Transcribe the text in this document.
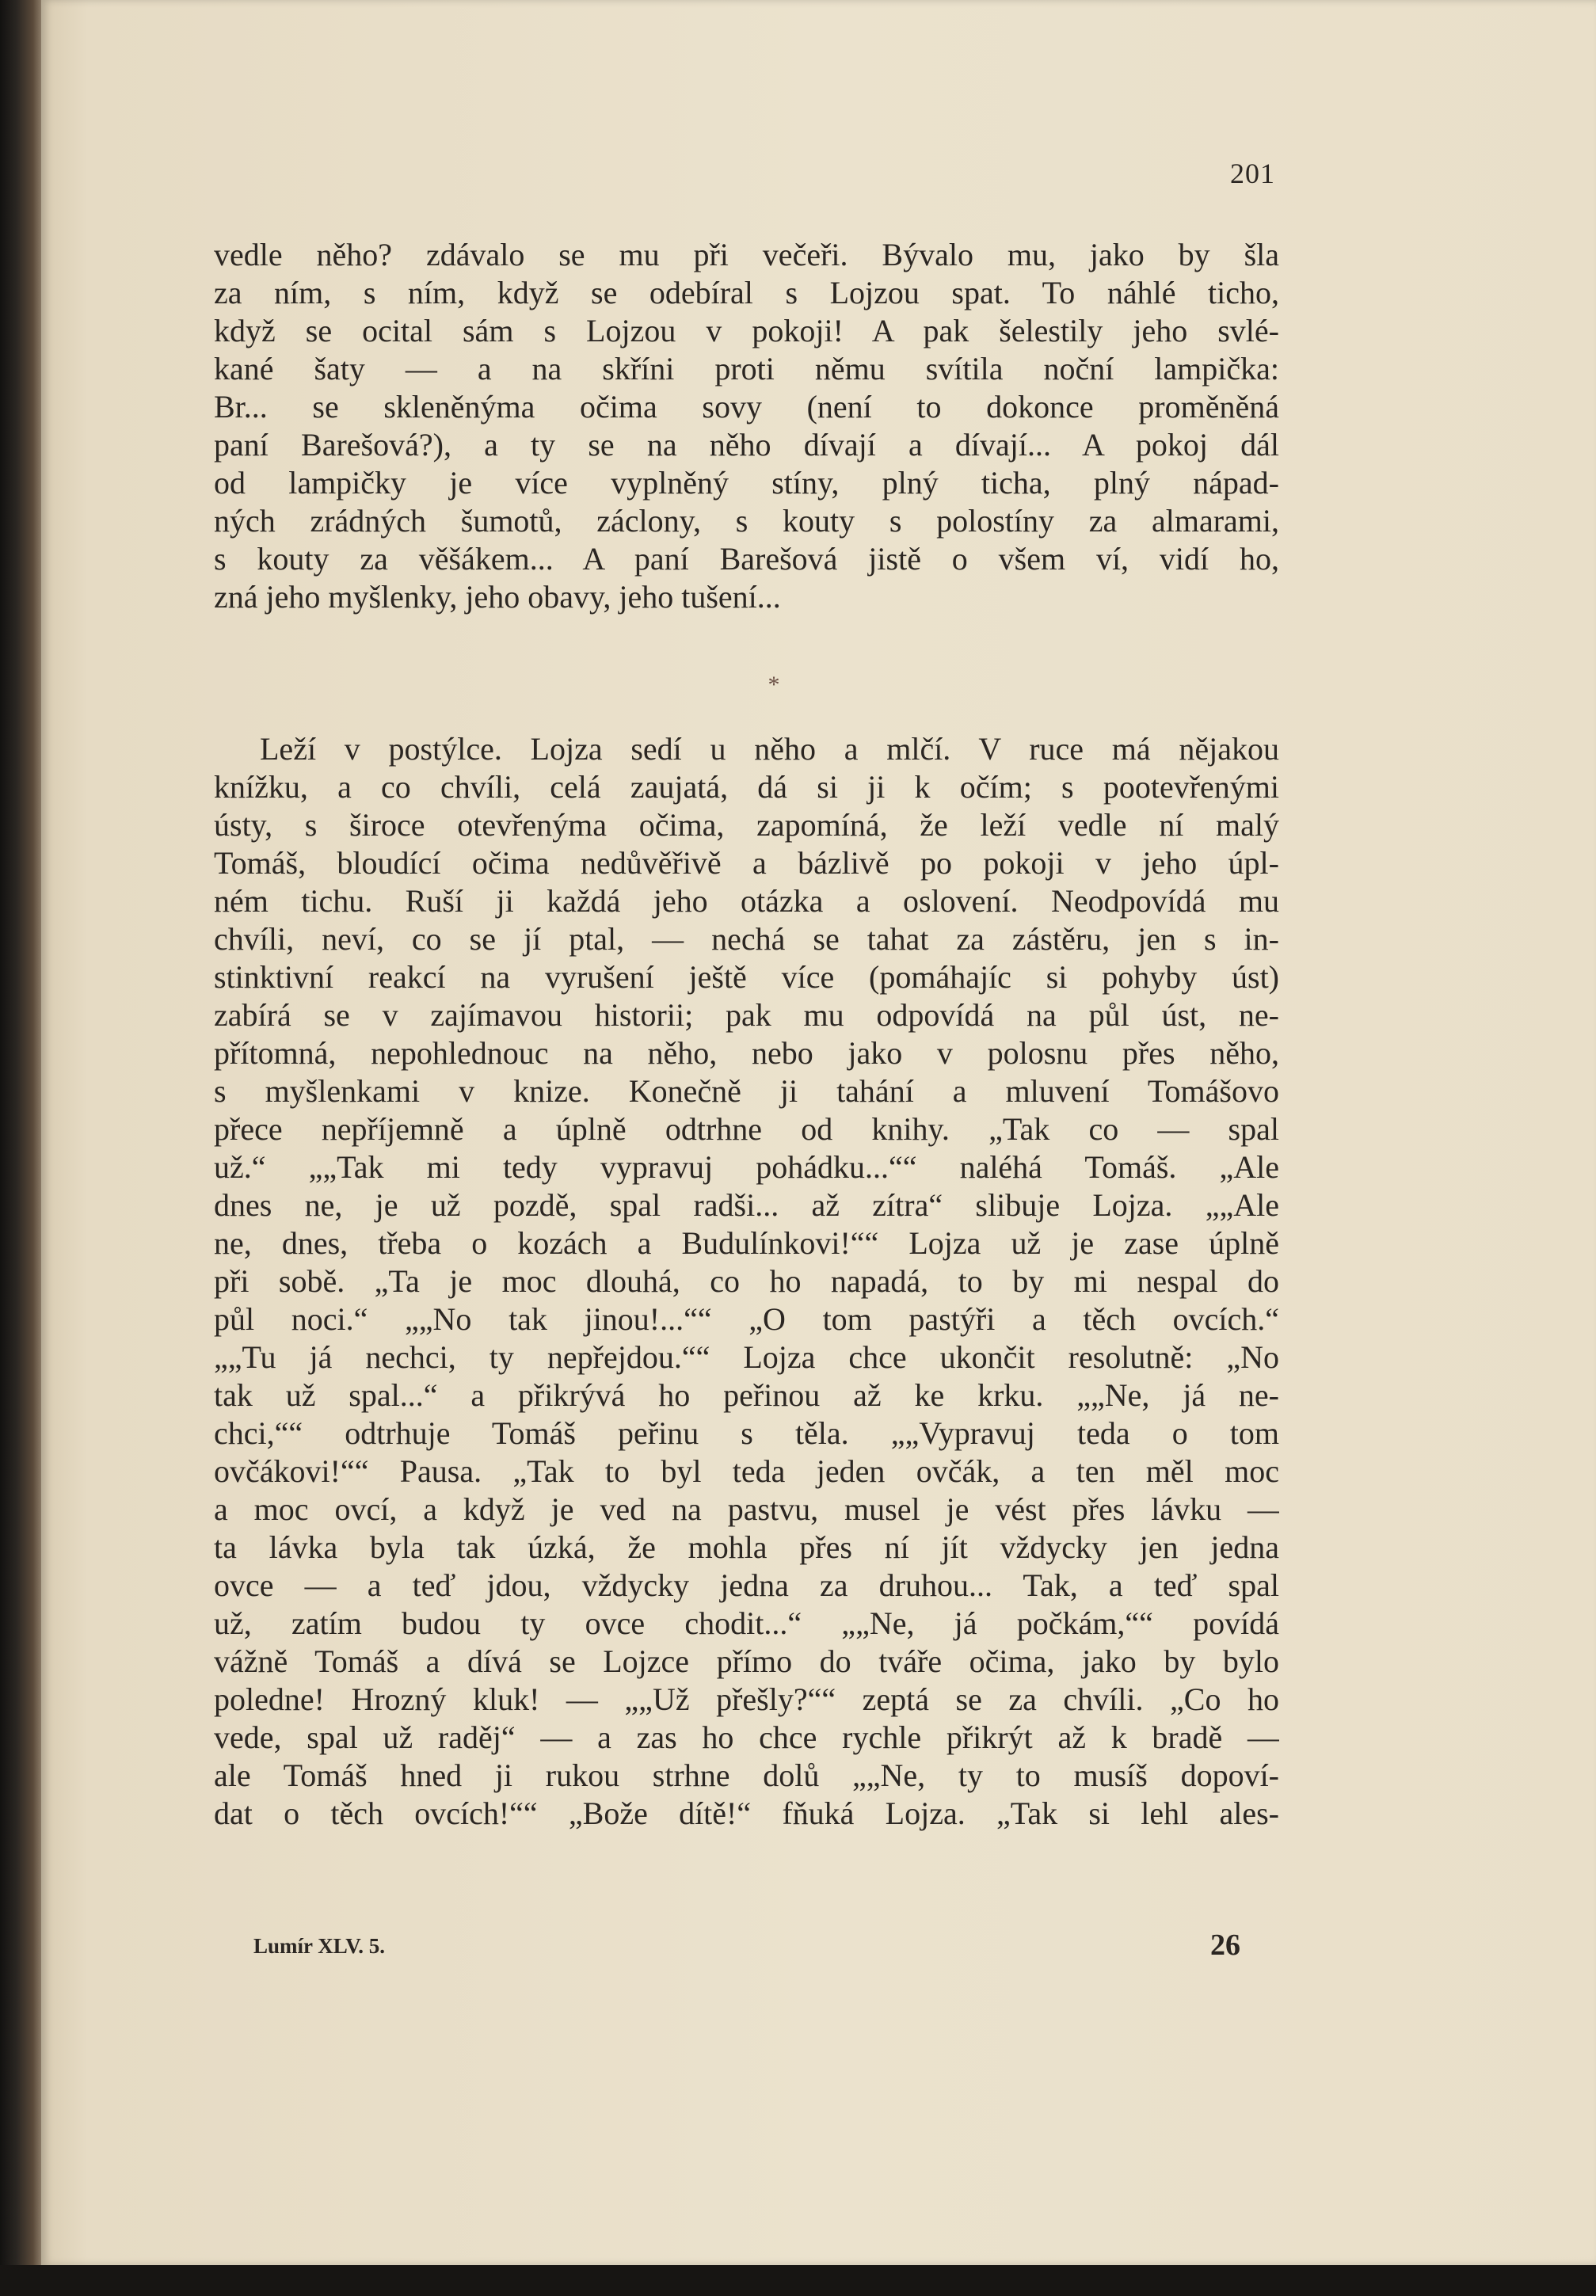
201
vedle něho? zdávalo se mu při večeři. Bývalo mu, jako by šla
za ním, s ním, když se odebíral s Lojzou spat. To náhlé ticho,
když se ocital sám s Lojzou v pokoji! A pak šelestily jeho svlé-
kané šaty — a na skříni proti němu svítila noční lampička:
Br... se skleněnýma očima sovy (není to dokonce proměněná
paní Barešová?), a ty se na něho dívají a dívají... A pokoj dál
od lampičky je více vyplněný stíny, plný ticha, plný nápad-
ných zrádných šumotů, záclony, s kouty s polostíny za almarami,
s kouty za věšákem... A paní Barešová jistě o všem ví, vidí ho,
zná jeho myšlenky, jeho obavy, jeho tušení...
*
Leží v postýlce. Lojza sedí u něho a mlčí. V ruce má nějakou
knížku, a co chvíli, celá zaujatá, dá si ji k očím; s pootevřenými
ústy, s široce otevřenýma očima, zapomíná, že leží vedle ní malý
Tomáš, bloudící očima nedůvěřivě a bázlivě po pokoji v jeho úpl-
ném tichu. Ruší ji každá jeho otázka a oslovení. Neodpovídá mu
chvíli, neví, co se jí ptal, — nechá se tahat za zástěru, jen s in-
stinktivní reakcí na vyrušení ještě více (pomáhajíc si pohyby úst)
zabírá se v zajímavou historii; pak mu odpovídá na půl úst, ne-
přítomná, nepohlednouc na něho, nebo jako v polosnu přes něho,
s myšlenkami v knize. Konečně ji tahání a mluvení Tomášovo
přece nepříjemně a úplně odtrhne od knihy. „Tak co — spal
už.“ „„Tak mi tedy vypravuj pohádku...““ naléhá Tomáš. „Ale
dnes ne, je už pozdě, spal radši... až zítra“ slibuje Lojza. „„Ale
ne, dnes, třeba o kozách a Budulínkovi!““ Lojza už je zase úplně
při sobě. „Ta je moc dlouhá, co ho napadá, to by mi nespal do
půl noci.“ „„No tak jinou!...““ „O tom pastýři a těch ovcích.“
„„Tu já nechci, ty nepřejdou.““ Lojza chce ukončit resolutně: „No
tak už spal...“ a přikrývá ho peřinou až ke krku. „„Ne, já ne-
chci,““ odtrhuje Tomáš peřinu s těla. „„Vypravuj teda o tom
ovčákovi!““ Pausa. „Tak to byl teda jeden ovčák, a ten měl moc
a moc ovcí, a když je ved na pastvu, musel je vést přes lávku —
ta lávka byla tak úzká, že mohla přes ní jít vždycky jen jedna
ovce — a teď jdou, vždycky jedna za druhou... Tak, a teď spal
už, zatím budou ty ovce chodit...“ „„Ne, já počkám,““ povídá
vážně Tomáš a dívá se Lojzce přímo do tváře očima, jako by bylo
poledne! Hrozný kluk! — „„Už přešly?““ zeptá se za chvíli. „Co ho
vede, spal už raděj“ — a zas ho chce rychle přikrýt až k bradě —
ale Tomáš hned ji rukou strhne dolů „„Ne, ty to musíš dopoví-
dat o těch ovcích!““ „Bože dítě!“ fňuká Lojza. „Tak si lehl ales-
Lumír XLV. 5.	26
